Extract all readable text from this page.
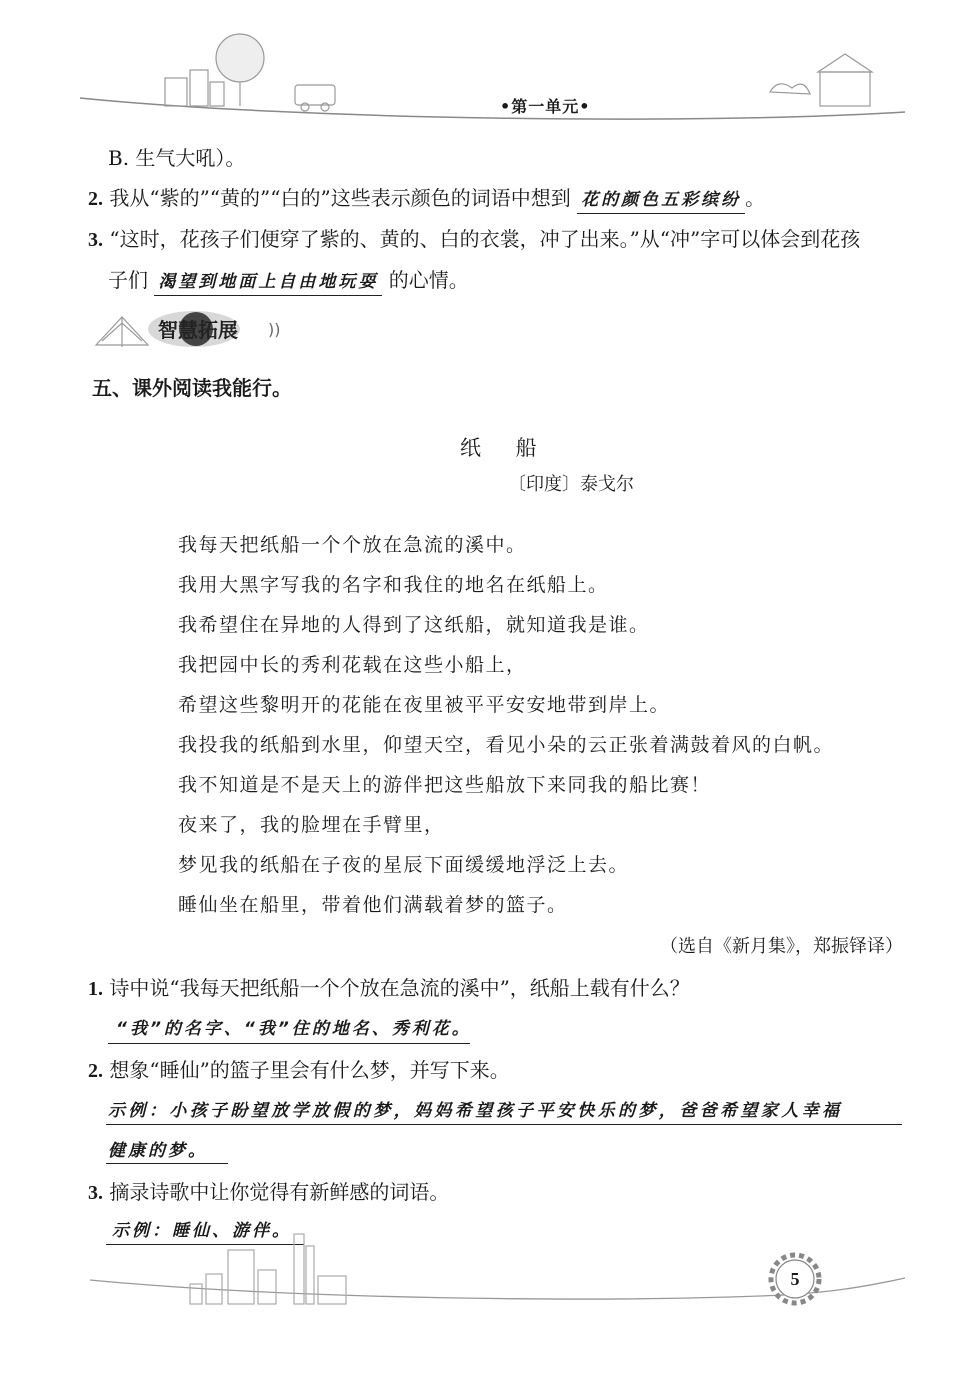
•第一单元•
B. 生气大吼）。
2. 我从“紫的”“黄的”“白的”这些表示颜色的词语中想到 花的颜色五彩缤纷 。
3. “这时，花孩子们便穿了紫的、黄的、白的衣裳，冲了出来。”从“冲”字可以体会到花孩
子们 渴望到地面上自由地玩耍 的心情。
智慧拓展 ))
五、课外阅读我能行。
纸 船
〔印度〕泰戈尔
我每天把纸船一个个放在急流的溪中。
我用大黑字写我的名字和我住的地名在纸船上。
我希望住在异地的人得到了这纸船，就知道我是谁。
我把园中长的秀利花载在这些小船上，
希望这些黎明开的花能在夜里被平平安安地带到岸上。
我投我的纸船到水里，仰望天空，看见小朵的云正张着满鼓着风的白帆。
我不知道是不是天上的游伴把这些船放下来同我的船比赛！
夜来了，我的脸埋在手臂里，
梦见我的纸船在子夜的星辰下面缓缓地浮泛上去。
睡仙坐在船里，带着他们满载着梦的篮子。
（选自《新月集》，郑振铎译）
1. 诗中说“我每天把纸船一个个放在急流的溪中”，纸船上载有什么？
“我”的名字、“我”住的地名、秀利花。
2. 想象“睡仙”的篮子里会有什么梦，并写下来。
示例：小孩子盼望放学放假的梦，妈妈希望孩子平安快乐的梦，爸爸希望家人幸福
健康的梦。
3. 摘录诗歌中让你觉得有新鲜感的词语。
示例：睡仙、游伴。
5
